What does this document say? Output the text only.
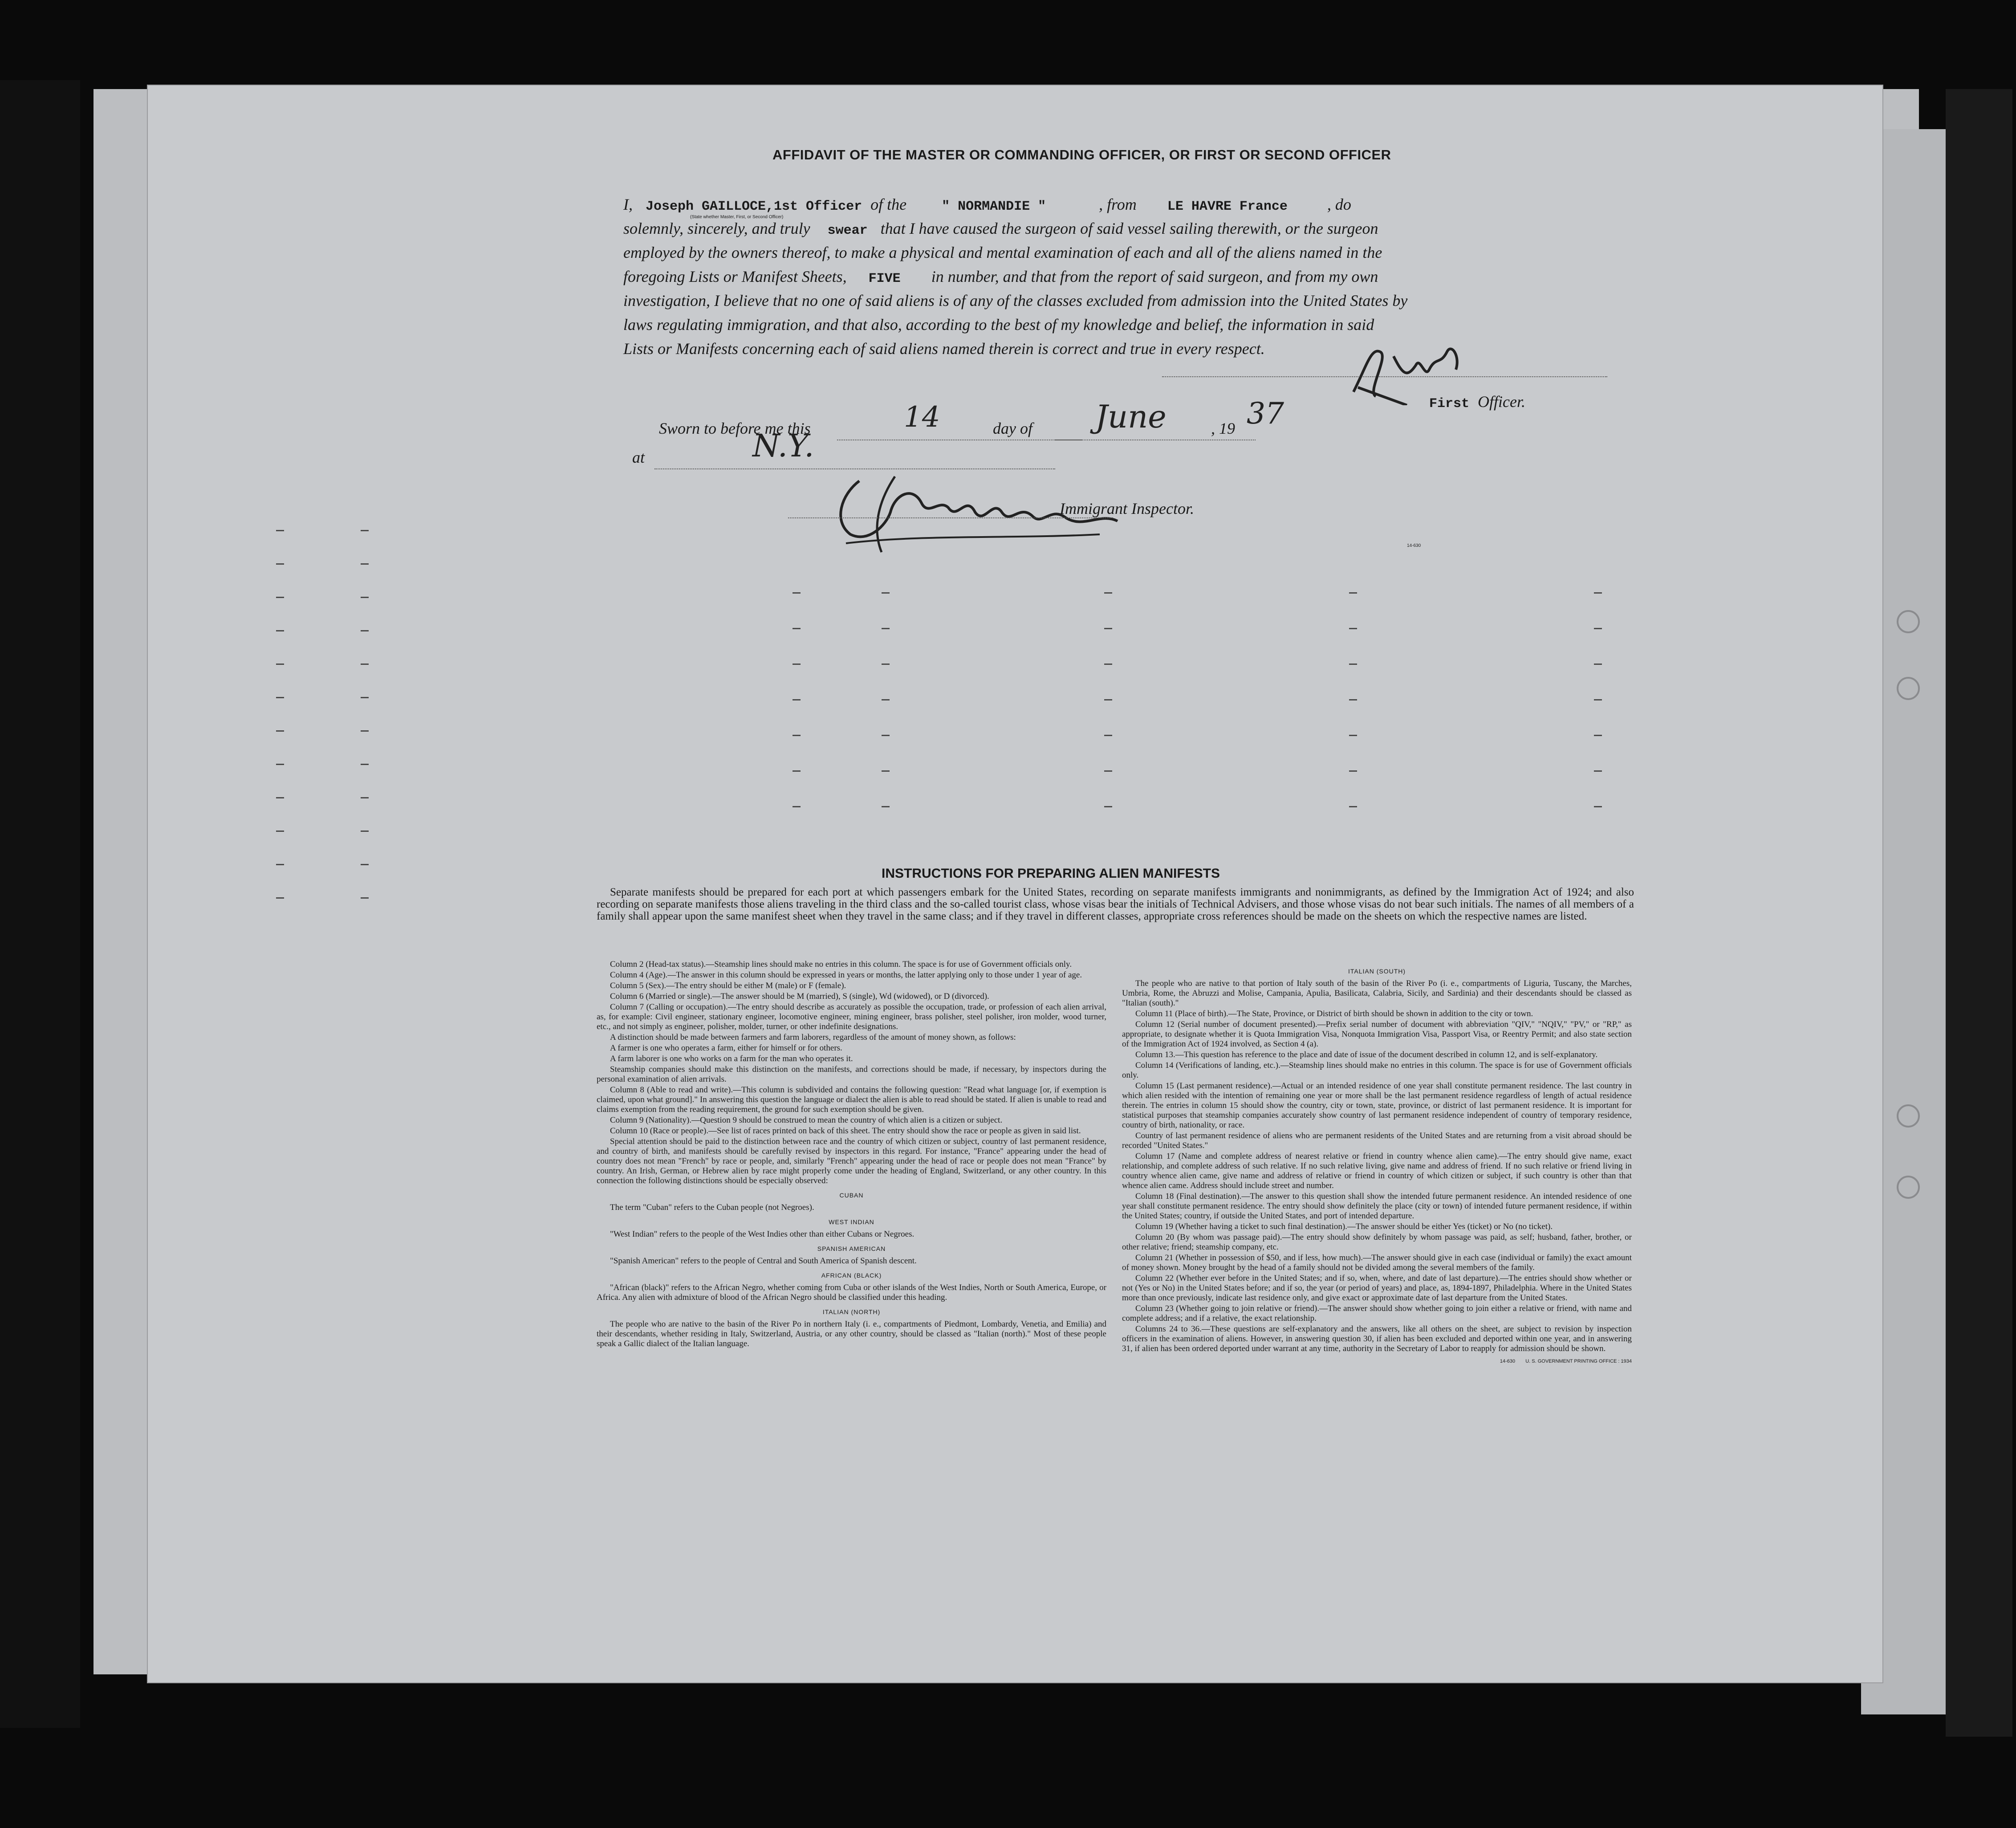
AFFIDAVIT OF THE MASTER OR COMMANDING OFFICER, OR FIRST OR SECOND OFFICER
I, Joseph GAILLOCE,1st Officer of the	" NORMANDIE "	, from LE HAVRE France , do
(State whether Master, First, or Second Officer)
solemnly, sincerely, and truly swear that I have caused the surgeon of said vessel sailing therewith, or the surgeon
employed by the owners thereof, to make a physical and mental examination of each and all of the aliens named in the
foregoing Lists or Manifest Sheets, FIVE in number, and that from the report of said surgeon, and from my own
investigation, I believe that no one of said aliens is of any of the classes excluded from admission into the United States by
laws regulating immigration, and that also, according to the best of my knowledge and belief, the information in said
Lists or Manifests concerning each of said aliens named therein is correct and true in every respect.
First Officer.
Sworn to before me this	14	day of June	, 19 37
at	N.Y.
Immigrant Inspector.
14-630
INSTRUCTIONS FOR PREPARING ALIEN MANIFESTS

Separate manifests should be prepared for each port at which passengers embark for the United States, recording on separate manifests immigrants and nonimmigrants, as defined by the Immigration Act of 1924; and also recording on separate manifests those aliens traveling in the third class and the so-called tourist class, whose visas bear the initials of Technical Advisers, and those whose visas do not bear such initials. The names of all members of a family shall appear upon the same manifest sheet when they travel in the same class; and if they travel in different classes, appropriate cross references should be made on the sheets on which the respective names are listed.

Column 2 (Head-tax status).—Steamship lines should make no entries in this column. The space is for use of Government officials only.

Column 4 (Age).—The answer in this column should be expressed in years or months, the latter applying only to those under 1 year of age.

Column 5 (Sex).—The entry should be either M (male) or F (female).

Column 6 (Married or single).—The answer should be M (married), S (single), Wd (widowed), or D (divorced).

Column 7 (Calling or occupation).—The entry should describe as accurately as possible the occupation, trade, or profession of each alien arrival, as, for example: Civil engineer, stationary engineer, locomotive engineer, mining engineer, brass polisher, steel polisher, iron molder, wood turner, etc., and not simply as engineer, polisher, molder, turner, or other indefinite designations.

A distinction should be made between farmers and farm laborers, regardless of the amount of money shown, as follows:

A farmer is one who operates a farm, either for himself or for others.

A farm laborer is one who works on a farm for the man who operates it.

Steamship companies should make this distinction on the manifests, and corrections should be made, if necessary, by inspectors during the personal examination of alien arrivals.

Column 8 (Able to read and write).—This column is subdivided and contains the following question: "Read what language [or, if exemption is claimed, upon what ground]." In answering this question the language or dialect the alien is able to read should be stated. If alien is unable to read and claims exemption from the reading requirement, the ground for such exemption should be given.

Column 9 (Nationality).—Question 9 should be construed to mean the country of which alien is a citizen or subject.

Column 10 (Race or people).—See list of races printed on back of this sheet. The entry should show the race or people as given in said list.

Special attention should be paid to the distinction between race and the country of which citizen or subject, country of last permanent residence, and country of birth, and manifests should be carefully revised by inspectors in this regard. For instance, "France" appearing under the head of country does not mean "French" by race or people, and, similarly "French" appearing under the head of race or people does not mean "France" by country. An Irish, German, or Hebrew alien by race might properly come under the heading of England, Switzerland, or any other country. In this connection the following distinctions should be especially observed:

CUBAN

The term "Cuban" refers to the Cuban people (not Negroes).

WEST INDIAN

"West Indian" refers to the people of the West Indies other than either Cubans or Negroes.

SPANISH AMERICAN

"Spanish American" refers to the people of Central and South America of Spanish descent.

AFRICAN (BLACK)

"African (black)" refers to the African Negro, whether coming from Cuba or other islands of the West Indies, North or South America, Europe, or Africa. Any alien with admixture of blood of the African Negro should be classified under this heading.

ITALIAN (NORTH)

The people who are native to the basin of the River Po in northern Italy (i. e., compartments of Piedmont, Lombardy, Venetia, and Emilia) and their descendants, whether residing in Italy, Switzerland, Austria, or any other country, should be classed as "Italian (north)." Most of these people speak a Gallic dialect of the Italian language.

ITALIAN (SOUTH)

The people who are native to that portion of Italy south of the basin of the River Po (i. e., compartments of Liguria, Tuscany, the Marches, Umbria, Rome, the Abruzzi and Molise, Campania, Apulia, Basilicata, Calabria, Sicily, and Sardinia) and their descendants should be classed as "Italian (south)."

Column 11 (Place of birth).—The State, Province, or District of birth should be shown in addition to the city or town.

Column 12 (Serial number of document presented).—Prefix serial number of document with abbreviation "QIV," "NQIV," "PV," or "RP," as appropriate, to designate whether it is Quota Immigration Visa, Nonquota Immigration Visa, Passport Visa, or Reentry Permit; and also state section of the Immigration Act of 1924 involved, as Section 4 (a).

Column 13.—This question has reference to the place and date of issue of the document described in column 12, and is self-explanatory.

Column 14 (Verifications of landing, etc.).—Steamship lines should make no entries in this column. The space is for use of Government officials only.

Column 15 (Last permanent residence).—Actual or an intended residence of one year shall constitute permanent residence. The last country in which alien resided with the intention of remaining one year or more shall be the last permanent residence regardless of length of actual residence therein. The entries in column 15 should show the country, city or town, state, province, or district of last permanent residence. It is important for statistical purposes that steamship companies accurately show country of last permanent residence independent of country of temporary residence, country of birth, nationality, or race.

Country of last permanent residence of aliens who are permanent residents of the United States and are returning from a visit abroad should be recorded "United States."

Column 17 (Name and complete address of nearest relative or friend in country whence alien came).—The entry should give name, exact relationship, and complete address of such relative. If no such relative living, give name and address of friend. If no such relative or friend living in country whence alien came, give name and address of relative or friend in country of which citizen or subject, if such country is other than that whence alien came. Address should include street and number.

Column 18 (Final destination).—The answer to this question shall show the intended future permanent residence. An intended residence of one year shall constitute permanent residence. The entry should show definitely the place (city or town) of intended future permanent residence, if within the United States; country, if outside the United States, and port of intended departure.

Column 19 (Whether having a ticket to such final destination).—The answer should be either Yes (ticket) or No (no ticket).

Column 20 (By whom was passage paid).—The entry should show definitely by whom passage was paid, as self; husband, father, brother, or other relative; friend; steamship company, etc.

Column 21 (Whether in possession of $50, and if less, how much).—The answer should give in each case (individual or family) the exact amount of money shown. Money brought by the head of a family should not be divided among the several members of the family.

Column 22 (Whether ever before in the United States; and if so, when, where, and date of last departure).—The entries should show whether or not (Yes or No) in the United States before; and if so, the year (or period of years) and place, as, 1894-1897, Philadelphia. Where in the United States more than once previously, indicate last residence only, and give exact or approximate date of last departure from the United States.

Column 23 (Whether going to join relative or friend).—The answer should show whether going to join either a relative or friend, with name and complete address; and if a relative, the exact relationship.

Columns 24 to 36.—These questions are self-explanatory and the answers, like all others on the sheet, are subject to revision by inspection officers in the examination of aliens. However, in answering question 30, if alien has been excluded and deported within one year, and in answering 31, if alien has been ordered deported under warrant at any time, authority in the Secretary of Labor to reapply for admission should be shown.

14-630 U. S. GOVERNMENT PRINTING OFFICE : 1934
